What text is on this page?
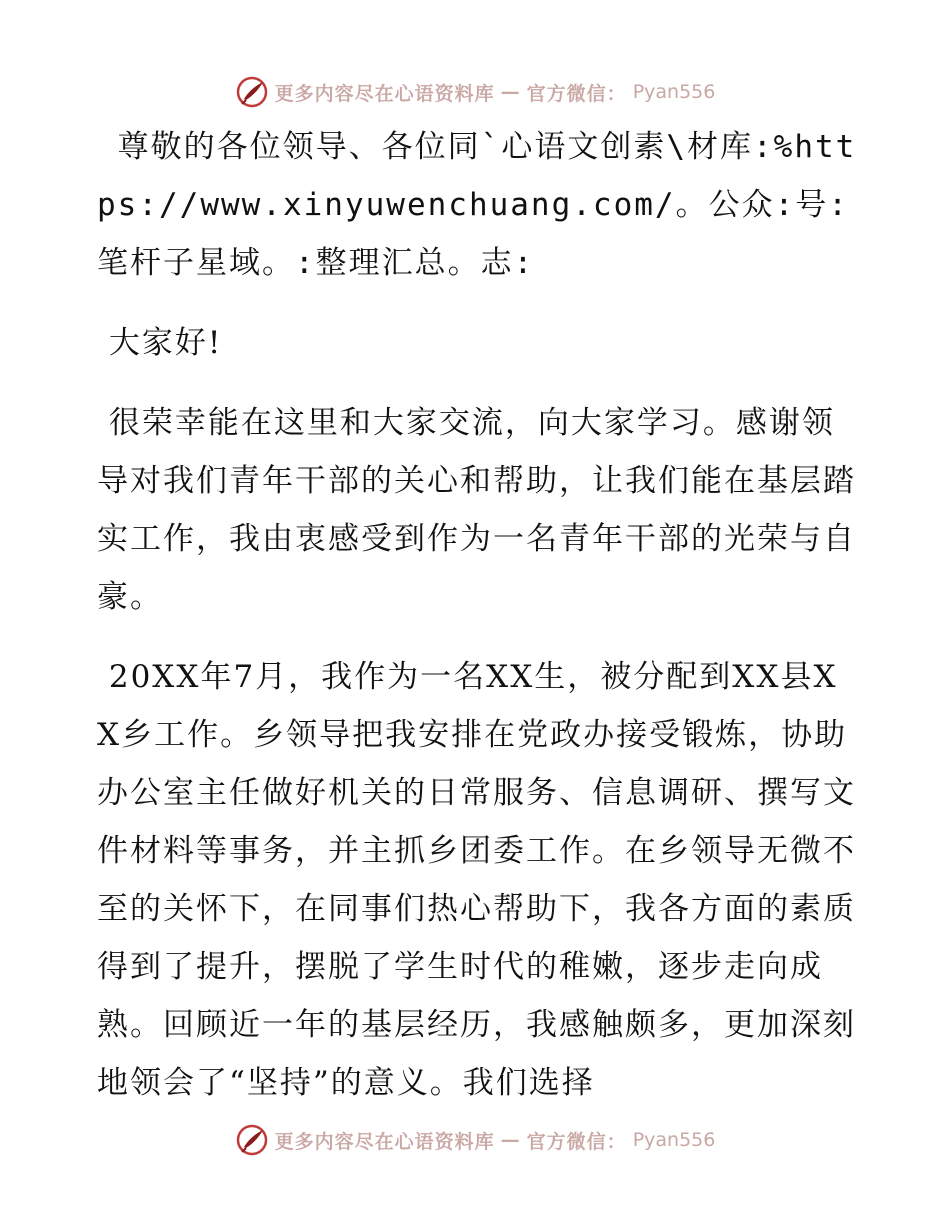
更多内容尽在心语资料库 — 官方微信： Pyan556

尊敬的各位领导、各位同`心语文创素\材库:%https://www.xinyuwenchuang.com/。公众:号:笔杆子星域。:整理汇总。志:

大家好!

很荣幸能在这里和大家交流，向大家学习。感谢领导对我们青年干部的关心和帮助，让我们能在基层踏实工作，我由衷感受到作为一名青年干部的光荣与自豪。

20XX年7月，我作为一名XX生，被分配到XX县XX乡工作。乡领导把我安排在党政办接受锻炼，协助办公室主任做好机关的日常服务、信息调研、撰写文件材料等事务，并主抓乡团委工作。在乡领导无微不至的关怀下，在同事们热心帮助下，我各方面的素质得到了提升，摆脱了学生时代的稚嫩，逐步走向成熟。回顾近一年的基层经历，我感触颇多，更加深刻地领会了“坚持”的意义。我们选择

更多内容尽在心语资料库 — 官方微信： Pyan556
